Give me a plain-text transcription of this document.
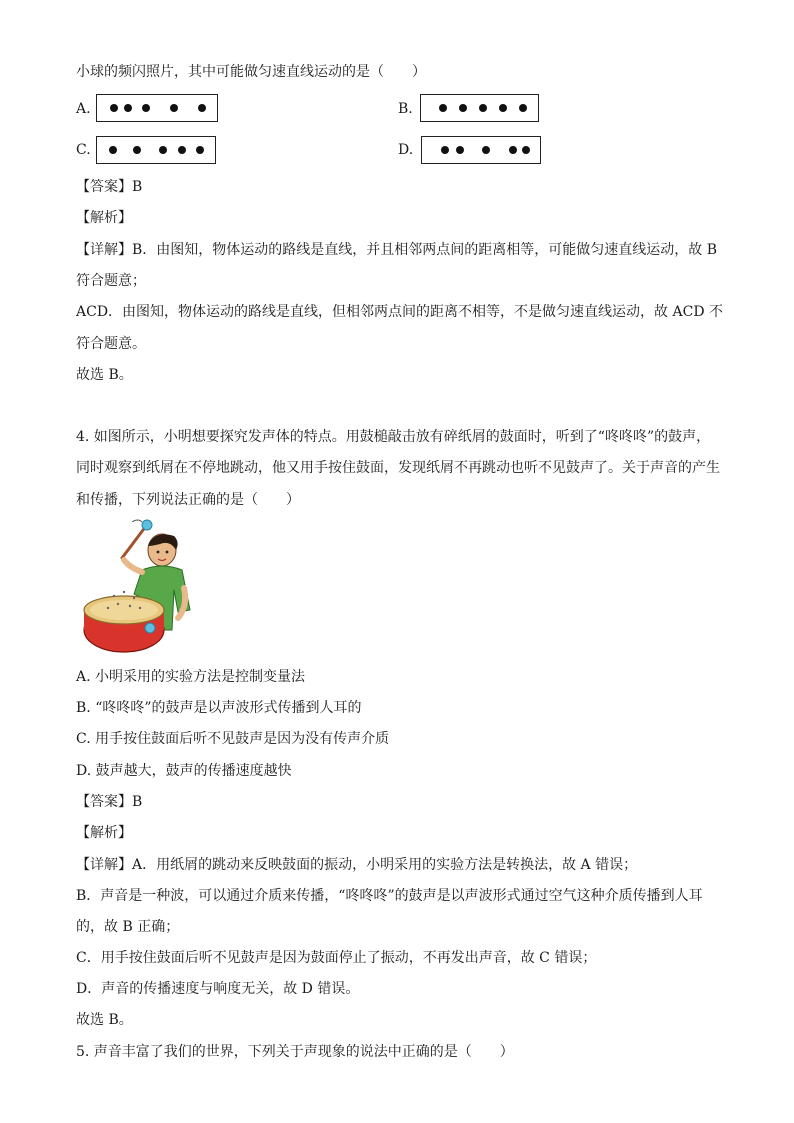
小球的频闪照片，其中可能做匀速直线运动的是（　　）
A.	B.
C.	D.
【答案】B
【解析】
【详解】B．由图知，物体运动的路线是直线，并且相邻两点间的距离相等，可能做匀速直线运动，故 B
符合题意；
ACD．由图知，物体运动的路线是直线，但相邻两点间的距离不相等，不是做匀速直线运动，故 ACD 不
符合题意。
故选 B。
4. 如图所示，小明想要探究发声体的特点。用鼓槌敲击放有碎纸屑的鼓面时，听到了“咚咚咚”的鼓声，
同时观察到纸屑在不停地跳动，他又用手按住鼓面，发现纸屑不再跳动也听不见鼓声了。关于声音的产生
和传播，下列说法正确的是（　　）
A. 小明采用的实验方法是控制变量法
B. “咚咚咚”的鼓声是以声波形式传播到人耳的
C. 用手按住鼓面后听不见鼓声是因为没有传声介质
D. 鼓声越大，鼓声的传播速度越快
【答案】B
【解析】
【详解】A．用纸屑的跳动来反映鼓面的振动，小明采用的实验方法是转换法，故 A 错误；
B．声音是一种波，可以通过介质来传播，“咚咚咚”的鼓声是以声波形式通过空气这种介质传播到人耳
的，故 B 正确；
C．用手按住鼓面后听不见鼓声是因为鼓面停止了振动，不再发出声音，故 C 错误；
D．声音的传播速度与响度无关，故 D 错误。
故选 B。
5. 声音丰富了我们的世界，下列关于声现象的说法中正确的是（　　）
